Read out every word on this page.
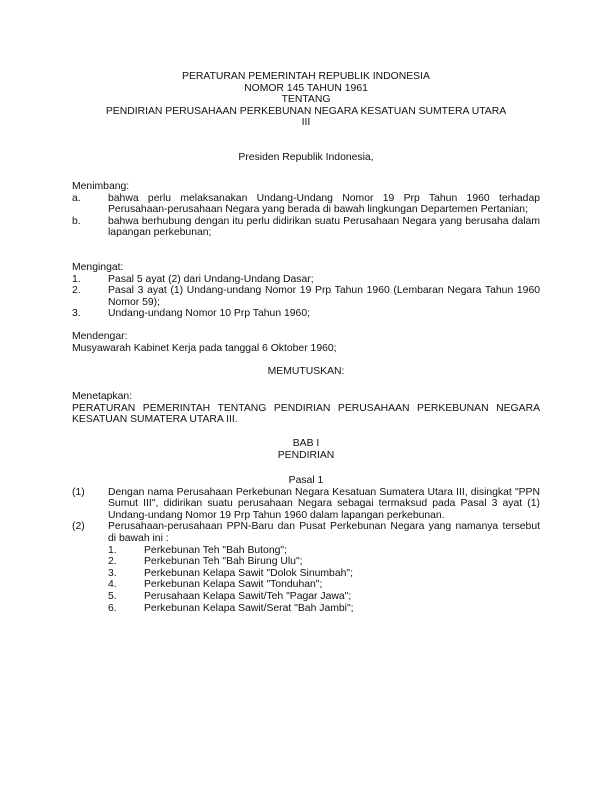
PERATURAN PEMERINTAH REPUBLIK INDONESIA

NOMOR 145 TAHUN 1961

TENTANG

PENDIRIAN PERUSAHAAN PERKEBUNAN NEGARA KESATUAN SUMTERA UTARA

III

Presiden Republik Indonesia,

Menimbang:

a.	bahwa perlu melaksanakan Undang-Undang Nomor 19 Prp Tahun 1960 terhadap Perusahaan-perusahaan Negara yang berada di bawah lingkungan Departemen Pertanian;
b.	bahwa berhubung dengan itu perlu didirikan suatu Perusahaan Negara yang berusaha dalam lapangan perkebunan;

Mengingat:

1.	Pasal 5 ayat (2) dari Undang-Undang Dasar;
2.	Pasal 3 ayat (1) Undang-undang Nomor 19 Prp Tahun 1960 (Lembaran Negara Tahun 1960 Nomor 59);
3.	Undang-undang Nomor 10 Prp Tahun 1960;

Mendengar:

Musyawarah Kabinet Kerja pada tanggal 6 Oktober 1960;

MEMUTUSKAN:

Menetapkan:

PERATURAN PEMERINTAH TENTANG PENDIRIAN PERUSAHAAN PERKEBUNAN NEGARA KESATUAN SUMATERA UTARA III.

BAB I

PENDIRIAN

Pasal 1

(1)	Dengan nama Perusahaan Perkebunan Negara Kesatuan Sumatera Utara III, disingkat "PPN Sumut III", didirikan suatu perusahaan Negara sebagai termaksud pada Pasal 3 ayat (1) Undang-undang Nomor 19 Prp Tahun 1960 dalam lapangan perkebunan.
(2)	Perusahaan-perusahaan PPN-Baru dan Pusat Perkebunan Negara yang namanya tersebut di bawah ini :
1.	Perkebunan Teh "Bah Butong";
2.	Perkebunan Teh "Bah Birung Ulu";
3.	Perkebunan Kelapa Sawit "Dolok Sinumbah";
4.	Perkebunan Kelapa Sawit "Tonduhan";
5.	Perusahaan Kelapa Sawit/Teh "Pagar Jawa";
6.	Perkebunan Kelapa Sawit/Serat "Bah Jambi";
